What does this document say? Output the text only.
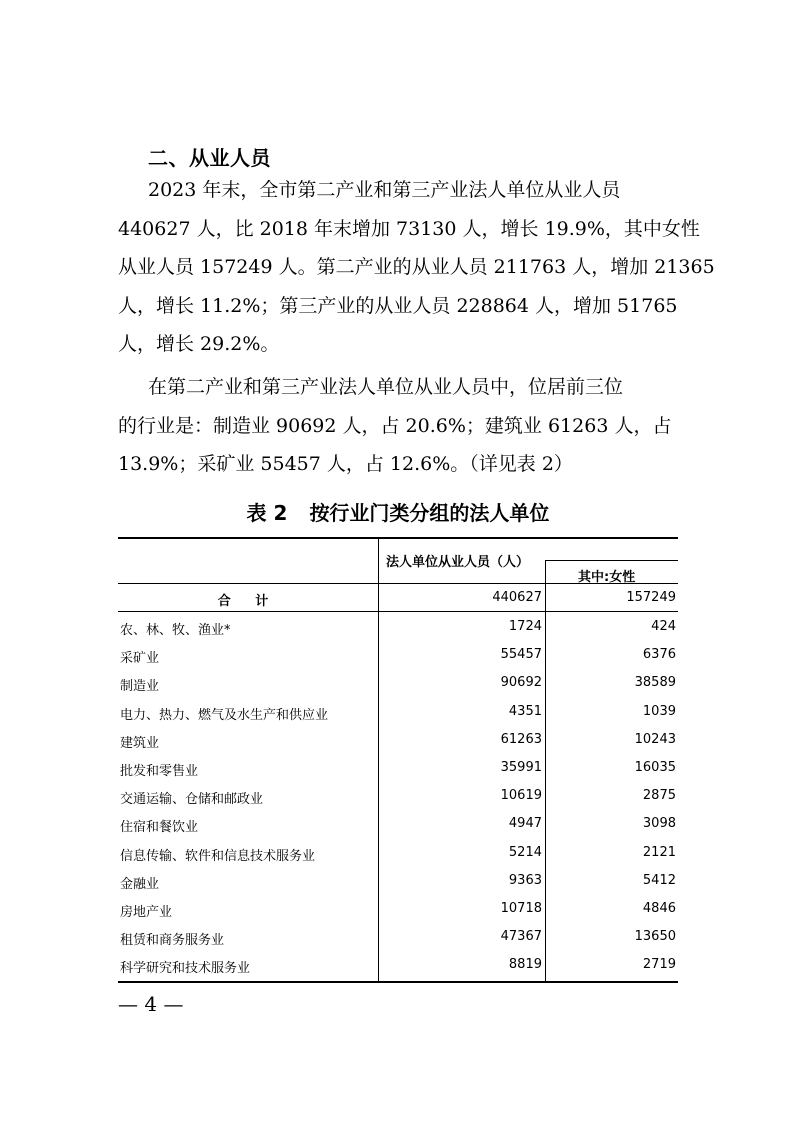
二、从业人员
2023 年末，全市第二产业和第三产业法人单位从业人员
440627 人，比 2018 年末增加 73130 人，增长 19.9%，其中女性
从业人员 157249 人。第二产业的从业人员 211763 人，增加 21365
人，增长 11.2%；第三产业的从业人员 228864 人，增加 51765
人，增长 29.2%。
在第二产业和第三产业法人单位从业人员中，位居前三位
的行业是：制造业 90692 人，占 20.6%；建筑业 61263 人，占
13.9%；采矿业 55457 人，占 12.6%。（详见表 2）
表 2 按行业门类分组的法人单位
法人单位从业人员（人）
其中:女性
合 计	440627	157249
农、林、牧、渔业*	1724	424
采矿业	55457	6376
制造业	90692	38589
电力、热力、燃气及水生产和供应业	4351	1039
建筑业	61263	10243
批发和零售业	35991	16035
交通运输、仓储和邮政业	10619	2875
住宿和餐饮业	4947	3098
信息传输、软件和信息技术服务业	5214	2121
金融业	9363	5412
房地产业	10718	4846
租赁和商务服务业	47367	13650
科学研究和技术服务业	8819	2719
— 4 —
